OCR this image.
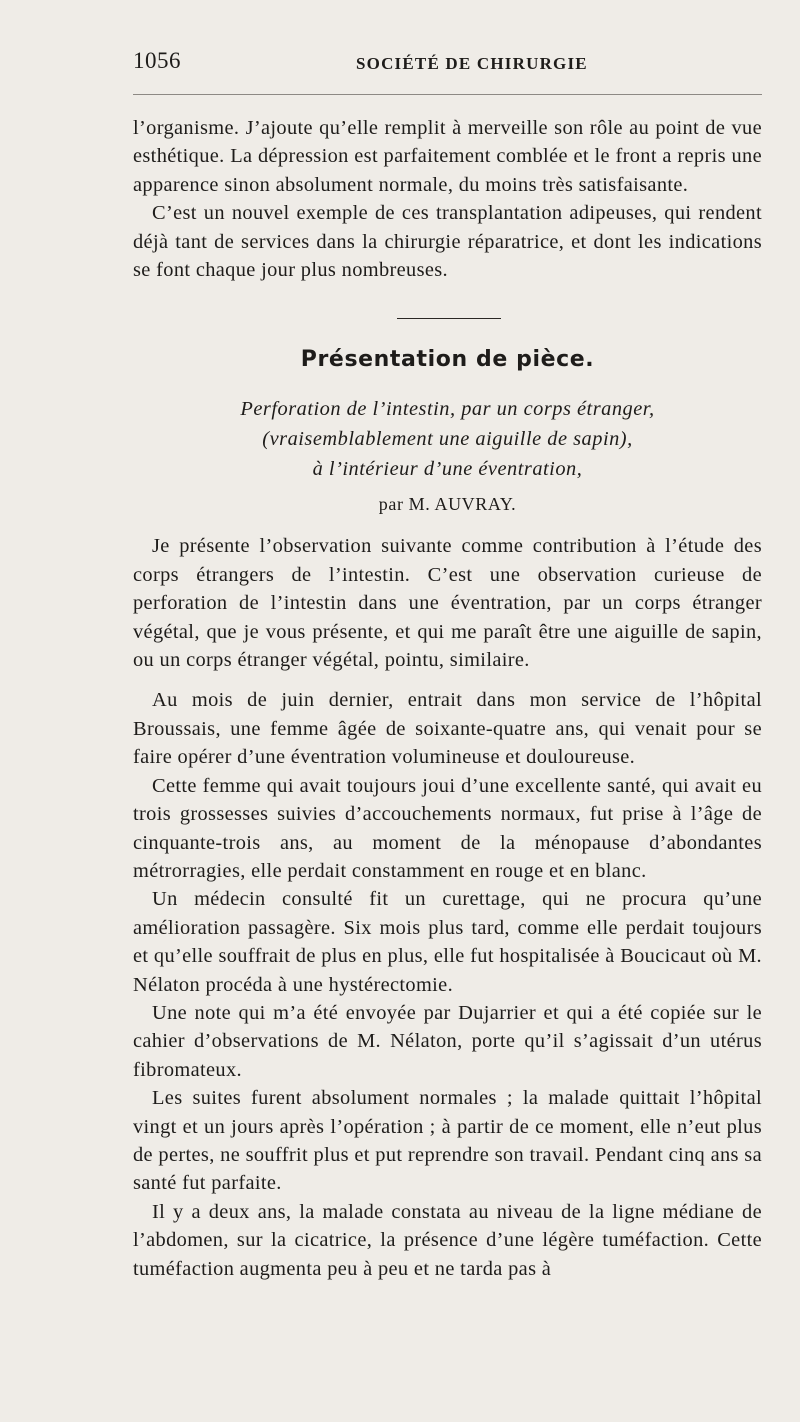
1056	SOCIÉTÉ DE CHIRURGIE

l’organisme. J’ajoute qu’elle remplit à merveille son rôle au point de vue esthétique. La dépression est parfaitement comblée et le front a repris une apparence sinon absolument normale, du moins très satisfaisante.

C’est un nouvel exemple de ces transplantation adipeuses, qui rendent déjà tant de services dans la chirurgie réparatrice, et dont les indications se font chaque jour plus nombreuses.

Présentation de pièce.
Perforation de l’intestin, par un corps étranger,
(vraisemblablement une aiguille de sapin),
à l’intérieur d’une éventration,
par M. AUVRAY.

Je présente l’observation suivante comme contribution à l’étude des corps étrangers de l’intestin. C’est une observation curieuse de perforation de l’intestin dans une éventration, par un corps étranger végétal, que je vous présente, et qui me paraît être une aiguille de sapin, ou un corps étranger végétal, pointu, similaire.

Au mois de juin dernier, entrait dans mon service de l’hôpital Broussais, une femme âgée de soixante-quatre ans, qui venait pour se faire opérer d’une éventration volumineuse et douloureuse.

Cette femme qui avait toujours joui d’une excellente santé, qui avait eu trois grossesses suivies d’accouchements normaux, fut prise à l’âge de cinquante-trois ans, au moment de la ménopause d’abondantes métrorragies, elle perdait constamment en rouge et en blanc.

Un médecin consulté fit un curettage, qui ne procura qu’une amélioration passagère. Six mois plus tard, comme elle perdait toujours et qu’elle souffrait de plus en plus, elle fut hospitalisée à Boucicaut où M. Nélaton procéda à une hystérectomie.

Une note qui m’a été envoyée par Dujarrier et qui a été copiée sur le cahier d’observations de M. Nélaton, porte qu’il s’agissait d’un utérus fibromateux.

Les suites furent absolument normales ; la malade quittait l’hôpital vingt et un jours après l’opération ; à partir de ce moment, elle n’eut plus de pertes, ne souffrit plus et put reprendre son travail. Pendant cinq ans sa santé fut parfaite.

Il y a deux ans, la malade constata au niveau de la ligne médiane de l’abdomen, sur la cicatrice, la présence d’une légère tuméfaction. Cette tuméfaction augmenta peu à peu et ne tarda pas à
